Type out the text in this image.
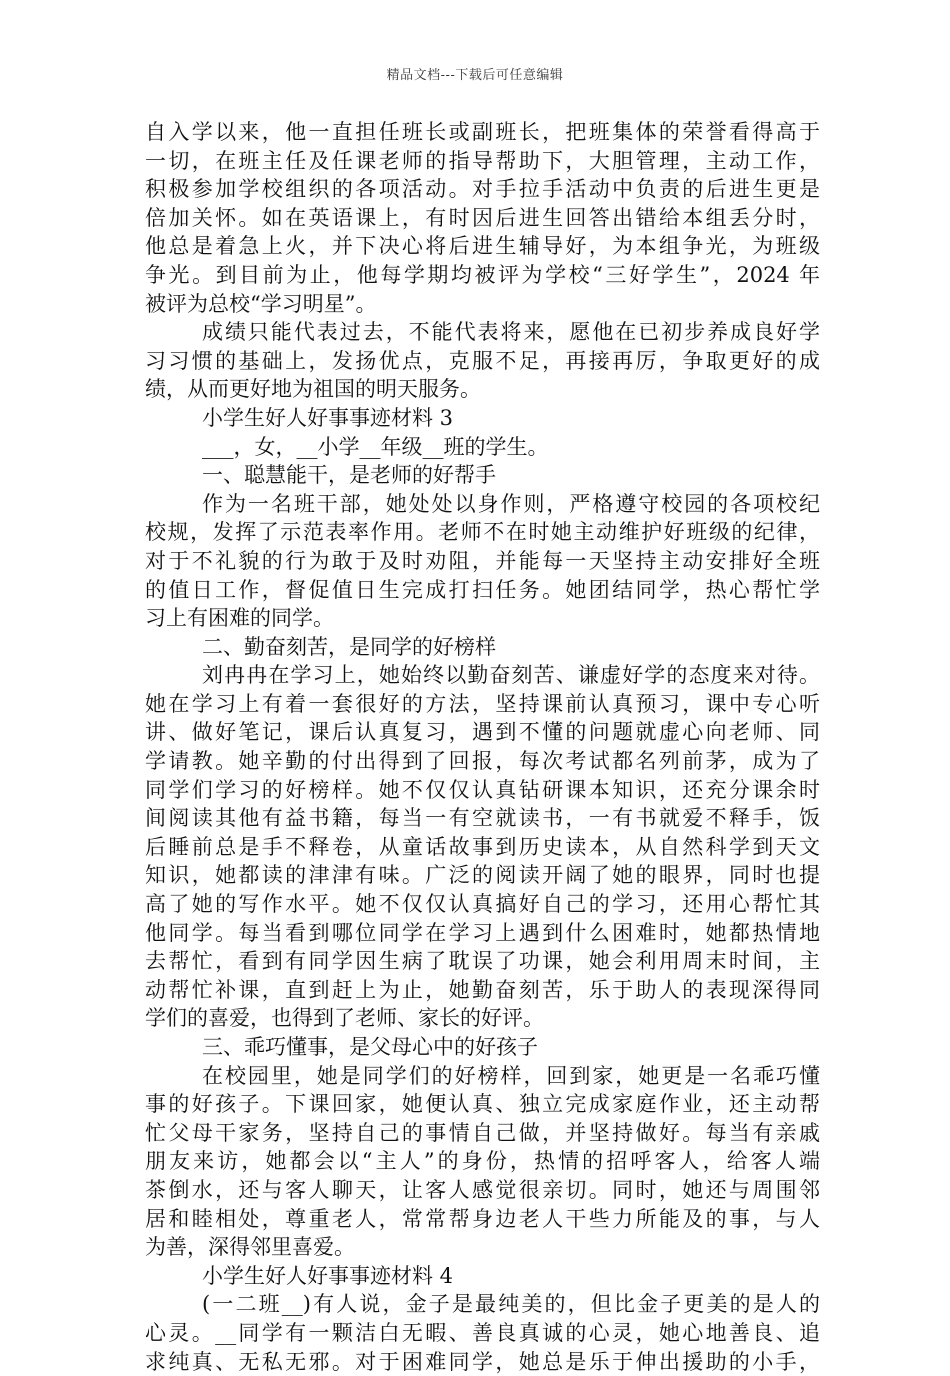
精品文档---下载后可任意编辑
自入学以来，他一直担任班长或副班长，把班集体的荣誉看得高于
一切，在班主任及任课老师的指导帮助下，大胆管理，主动工作，
积极参加学校组织的各项活动。对手拉手活动中负责的后进生更是
倍加关怀。如在英语课上，有时因后进生回答出错给本组丢分时，
他总是着急上火，并下决心将后进生辅导好，为本组争光，为班级
争光。到目前为止，他每学期均被评为学校“三好学生”，2024 年
被评为总校“学习明星”。
成绩只能代表过去，不能代表将来，愿他在已初步养成良好学
习习惯的基础上，发扬优点，克服不足，再接再厉，争取更好的成
绩，从而更好地为祖国的明天服务。
小学生好人好事事迹材料 3
___，女，__小学__年级__班的学生。
一、聪慧能干，是老师的好帮手
作为一名班干部，她处处以身作则，严格遵守校园的各项校纪
校规，发挥了示范表率作用。老师不在时她主动维护好班级的纪律，
对于不礼貌的行为敢于及时劝阻，并能每一天坚持主动安排好全班
的值日工作，督促值日生完成打扫任务。她团结同学，热心帮忙学
习上有困难的同学。
二、勤奋刻苦，是同学的好榜样
刘冉冉在学习上，她始终以勤奋刻苦、谦虚好学的态度来对待。
她在学习上有着一套很好的方法，坚持课前认真预习，课中专心听
讲、做好笔记，课后认真复习，遇到不懂的问题就虚心向老师、同
学请教。她辛勤的付出得到了回报，每次考试都名列前茅，成为了
同学们学习的好榜样。她不仅仅认真钻研课本知识，还充分课余时
间阅读其他有益书籍，每当一有空就读书，一有书就爱不释手，饭
后睡前总是手不释卷，从童话故事到历史读本，从自然科学到天文
知识，她都读的津津有味。广泛的阅读开阔了她的眼界，同时也提
高了她的写作水平。她不仅仅认真搞好自己的学习，还用心帮忙其
他同学。每当看到哪位同学在学习上遇到什么困难时，她都热情地
去帮忙，看到有同学因生病了耽误了功课，她会利用周末时间，主
动帮忙补课，直到赶上为止，她勤奋刻苦，乐于助人的表现深得同
学们的喜爱，也得到了老师、家长的好评。
三、乖巧懂事，是父母心中的好孩子
在校园里，她是同学们的好榜样，回到家，她更是一名乖巧懂
事的好孩子。下课回家，她便认真、独立完成家庭作业，还主动帮
忙父母干家务，坚持自己的事情自己做，并坚持做好。每当有亲戚
朋友来访，她都会以“主人”的身份，热情的招呼客人，给客人端
茶倒水，还与客人聊天，让客人感觉很亲切。同时，她还与周围邻
居和睦相处，尊重老人，常常帮身边老人干些力所能及的事，与人
为善，深得邻里喜爱。
小学生好人好事事迹材料 4
(一二班__)有人说，金子是最纯美的，但比金子更美的是人的
心灵。__同学有一颗洁白无暇、善良真诚的心灵，她心地善良、追
求纯真、无私无邪。对于困难同学，她总是乐于伸出援助的小手，
